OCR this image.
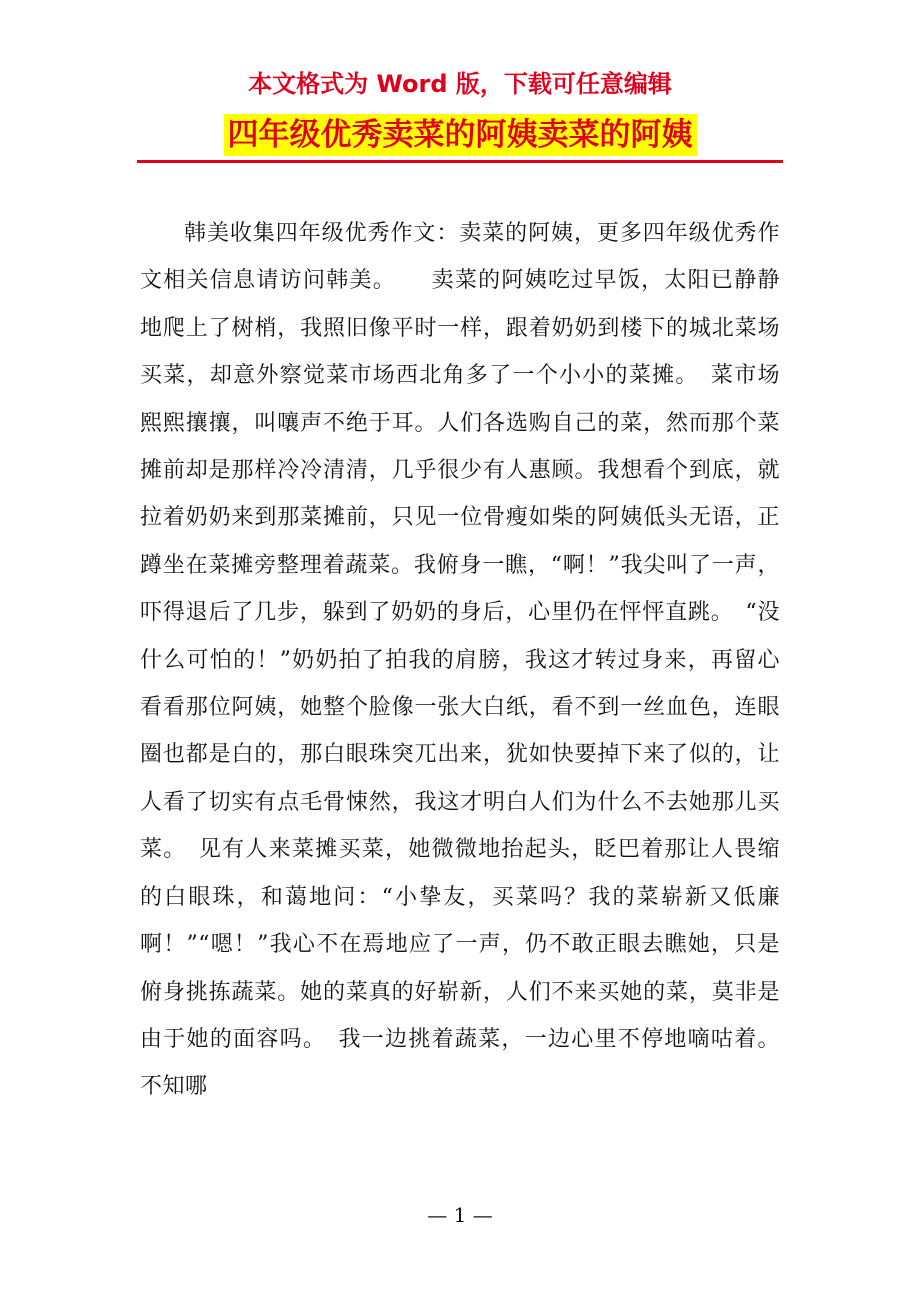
本文格式为 Word 版，下载可任意编辑
四年级优秀卖菜的阿姨卖菜的阿姨

韩美收集四年级优秀作文：卖菜的阿姨，更多四年级优秀作文相关信息请访问韩美。　　卖菜的阿姨吃过早饭，太阳已静静地爬上了树梢，我照旧像平时一样，跟着奶奶到楼下的城北菜场买菜，却意外察觉菜市场西北角多了一个小小的菜摊。　菜市场熙熙攘攘，叫嚷声不绝于耳。人们各选购自己的菜，然而那个菜摊前却是那样冷冷清清，几乎很少有人惠顾。我想看个到底，就拉着奶奶来到那菜摊前，只见一位骨瘦如柴的阿姨低头无语，正蹲坐在菜摊旁整理着蔬菜。我俯身一瞧，“啊！”我尖叫了一声，吓得退后了几步，躲到了奶奶的身后，心里仍在怦怦直跳。　“没什么可怕的！”奶奶拍了拍我的肩膀，我这才转过身来，再留心看看那位阿姨，她整个脸像一张大白纸，看不到一丝血色，连眼圈也都是白的，那白眼珠突兀出来，犹如快要掉下来了似的，让人看了切实有点毛骨悚然，我这才明白人们为什么不去她那儿买菜。　见有人来菜摊买菜，她微微地抬起头，眨巴着那让人畏缩的白眼珠，和蔼地问：“小挚友，买菜吗？我的菜崭新又低廉啊！”“嗯！”我心不在焉地应了一声，仍不敢正眼去瞧她，只是俯身挑拣蔬菜。她的菜真的好崭新，人们不来买她的菜，莫非是由于她的面容吗。　我一边挑着蔬菜，一边心里不停地嘀咕着。不知哪

— 1 —
